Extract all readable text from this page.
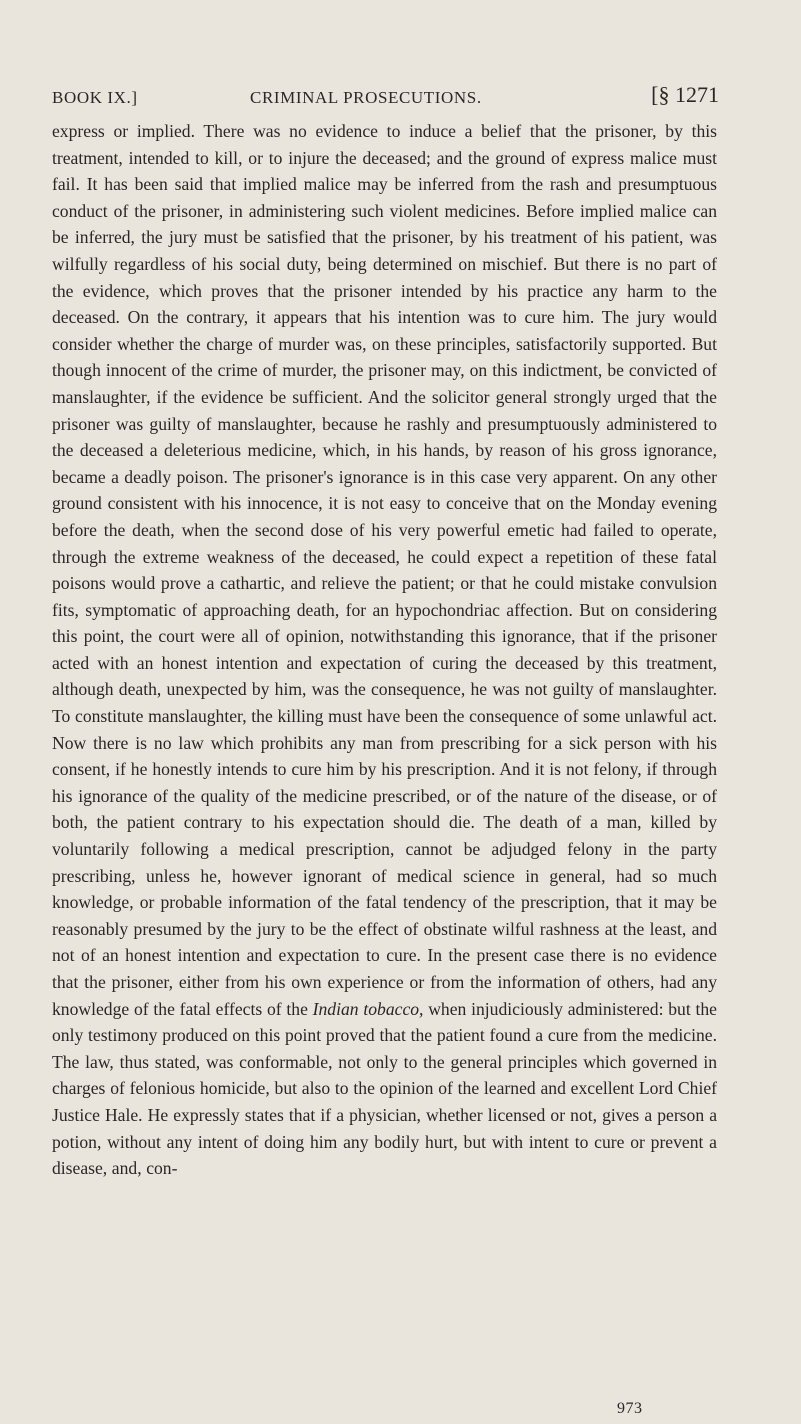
BOOK IX.]	CRIMINAL PROSECUTIONS.	[§ 1271
express or implied. There was no evidence to induce a belief that the prisoner, by this treatment, intended to kill, or to injure the deceased; and the ground of express malice must fail. It has been said that implied malice may be inferred from the rash and presumptuous conduct of the prisoner, in administering such violent medicines. Before implied malice can be inferred, the jury must be satisfied that the prisoner, by his treatment of his patient, was wilfully regardless of his social duty, being determined on mischief. But there is no part of the evidence, which proves that the prisoner intended by his practice any harm to the deceased. On the contrary, it appears that his intention was to cure him. The jury would consider whether the charge of murder was, on these principles, satisfactorily supported. But though innocent of the crime of murder, the prisoner may, on this indictment, be convicted of manslaughter, if the evidence be sufficient. And the solicitor general strongly urged that the prisoner was guilty of manslaughter, because he rashly and presumptuously administered to the deceased a deleterious medicine, which, in his hands, by reason of his gross ignorance, became a deadly poison. The prisoner's ignorance is in this case very apparent. On any other ground consistent with his innocence, it is not easy to conceive that on the Monday evening before the death, when the second dose of his very powerful emetic had failed to operate, through the extreme weakness of the deceased, he could expect a repetition of these fatal poisons would prove a cathartic, and relieve the patient; or that he could mistake convulsion fits, symptomatic of approaching death, for an hypochondriac affection. But on considering this point, the court were all of opinion, notwithstanding this ignorance, that if the prisoner acted with an honest intention and expectation of curing the deceased by this treatment, although death, unexpected by him, was the consequence, he was not guilty of manslaughter. To constitute manslaughter, the killing must have been the consequence of some unlawful act. Now there is no law which prohibits any man from prescribing for a sick person with his consent, if he honestly intends to cure him by his prescription. And it is not felony, if through his ignorance of the quality of the medicine prescribed, or of the nature of the disease, or of both, the patient contrary to his expectation should die. The death of a man, killed by voluntarily following a medical prescription, cannot be adjudged felony in the party prescribing, unless he, however ignorant of medical science in general, had so much knowledge, or probable information of the fatal tendency of the prescription, that it may be reasonably presumed by the jury to be the effect of obstinate wilful rashness at the least, and not of an honest intention and expectation to cure. In the present case there is no evidence that the prisoner, either from his own experience or from the information of others, had any knowledge of the fatal effects of the Indian tobacco, when injudiciously administered: but the only testimony produced on this point proved that the patient found a cure from the medicine. The law, thus stated, was conformable, not only to the general principles which governed in charges of felonious homicide, but also to the opinion of the learned and excellent Lord Chief Justice Hale. He expressly states that if a physician, whether licensed or not, gives a person a potion, without any intent of doing him any bodily hurt, but with intent to cure or prevent a disease, and, con-
973
